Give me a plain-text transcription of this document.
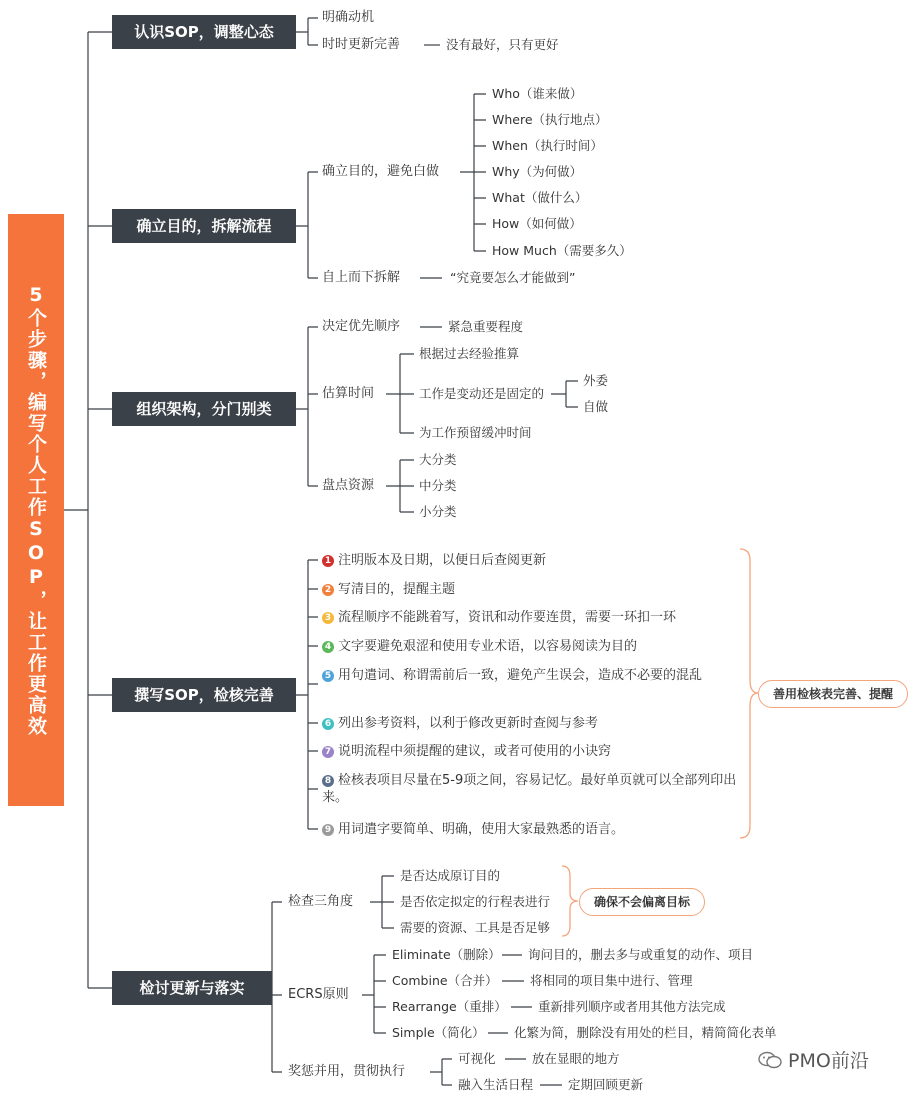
5个步骤，编写个人工作SOP，让工作更高效
认识SOP，调整心态
确立目的，拆解流程
组织架构，分门别类
撰写SOP，检核完善
检讨更新与落实
明确动机
时时更新完善	没有最好，只有更好
确立目的，避免白做
Who（谁来做）
Where（执行地点）
When（执行时间）
Why（为何做）
What（做什么）
How（如何做）
How Much（需要多久）
自上而下拆解	“究竟要怎么才能做到”
决定优先顺序	紧急重要程度
估算时间
根据过去经验推算
工作是变动还是固定的
为工作预留缓冲时间
外委
自做
盘点资源
大分类
中分类
小分类
1 注明版本及日期，以便日后查阅更新
2 写清目的，提醒主题
3 流程顺序不能跳着写，资讯和动作要连贯，需要一环扣一环
4 文字要避免艰涩和使用专业术语，以容易阅读为目的
5 用句遣词、称谓需前后一致，避免产生误会，造成不必要的混乱
6 列出参考资料，以利于修改更新时查阅与参考
7 说明流程中须提醒的建议，或者可使用的小诀窍
8 检核表项目尽量在5-9项之间，容易记忆。最好单页就可以全部列印出来。
9 用词遣字要简单、明确，使用大家最熟悉的语言。
善用检核表完善、提醒
检查三角度
是否达成原订目的
是否依定拟定的行程表进行
需要的资源、工具是否足够
确保不会偏离目标
ECRS原则
Eliminate（删除） 询问目的，删去多与或重复的动作、项目
Combine（合并）	将相同的项目集中进行、管理
Rearrange（重排）	重新排列顺序或者用其他方法完成
Simple（简化） 化繁为简，删除没有用处的栏目，精简简化表单
奖惩并用，贯彻执行
可视化	放在显眼的地方
融入生活日程	定期回顾更新
PMO前沿
